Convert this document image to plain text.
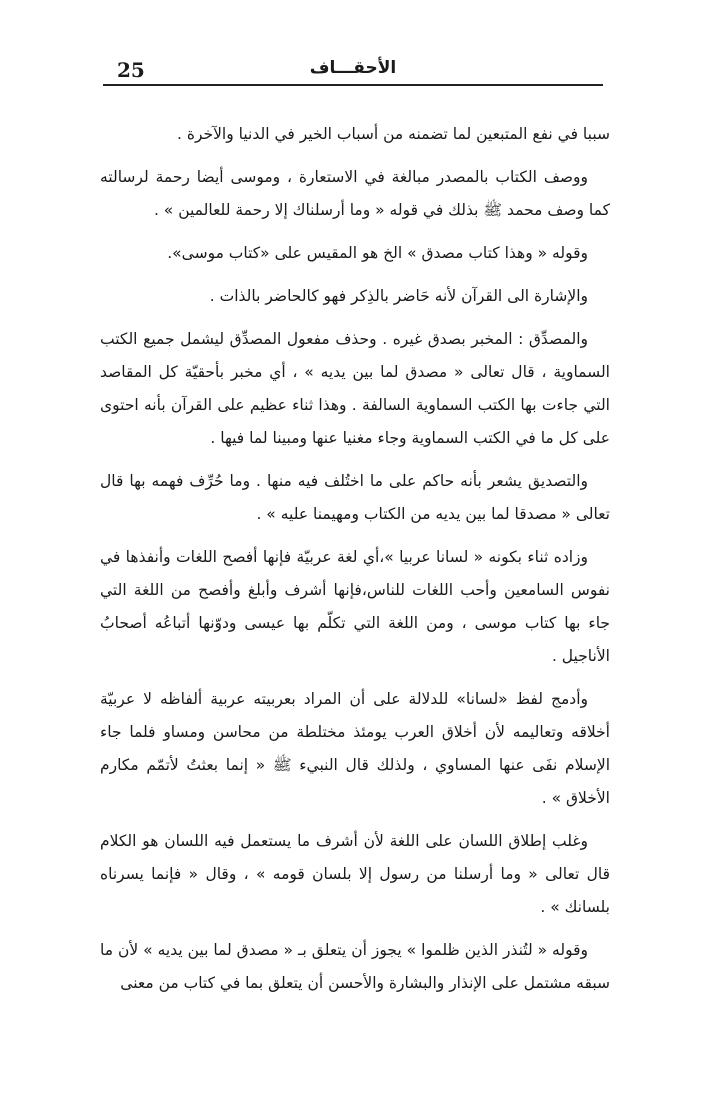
25	الأحقـــاف

سببا في نفع المتبعين لما تضمنه من أسباب الخير في الدنيا والآخرة .

ووصف الكتاب بالمصدر مبالغة في الاستعارة ، وموسى أيضا رحمة لرسالته كما وصف محمد ﷺ بذلك في قوله « وما أرسلناك إلا رحمة للعالمين » .

وقوله « وهذا كتاب مصدق » الخ هو المقيس على «كتاب موسى».

والإشارة الى القرآن لأنه حَاضر بالذِكر فهو كالحاضر بالذات .

والمصدِّق : المخبر بصدق غيره . وحذف مفعول المصدِّق ليشمل جميع الكتب السماوية ، قال تعالى « مصدق لما بين يديه » ، أي مخبر بأحقيّة كل المقاصد التي جاءت بها الكتب السماوية السالفة . وهذا ثناء عظيم على القرآن بأنه احتوى على كل ما في الكتب السماوية وجاء مغنيا عنها ومبينا لما فيها .

والتصديق يشعر بأنه حاكم على ما اختُلف فيه منها . وما حُرِّف فهمه بها قال تعالى « مصدقا لما بين يديه من الكتاب ومهيمنا عليه » .

وزاده ثناء بكونه « لسانا عربيا »،أي لغة عربيّة فإنها أفصح اللغات وأنفذها في نفوس السامعين وأحب اللغات للناس،فإنها أشرف وأبلغ وأفصح من اللغة التي جاء بها كتاب موسى ، ومن اللغة التي تكلّم بها عيسى ودوّنها أتباعُه أصحابُ الأناجيل .

وأدمج لفظ «لسانا» للدلالة على أن المراد بعربيته عربية ألفاظه لا عربيّة أخلاقه وتعاليمه لأن أخلاق العرب يومئذ مختلطة من محاسن ومساو فلما جاء الإسلام نفَى عنها المساوي ، ولذلك قال النبيء ﷺ « إنما بعثتُ لأتمّم مكارم الأخلاق » .

وغلب إطلاق اللسان على اللغة لأن أشرف ما يستعمل فيه اللسان هو الكلام قال تعالى « وما أرسلنا من رسول إلا بلسان قومه » ، وقال « فإنما يسرناه بلسانك » .

وقوله « لتُنذر الذين ظلموا » يجوز أن يتعلق بـ « مصدق لما بين يديه » لأن ما سبقه مشتمل على الإنذار والبشارة والأحسن أن يتعلق بما في كتاب من معنى
